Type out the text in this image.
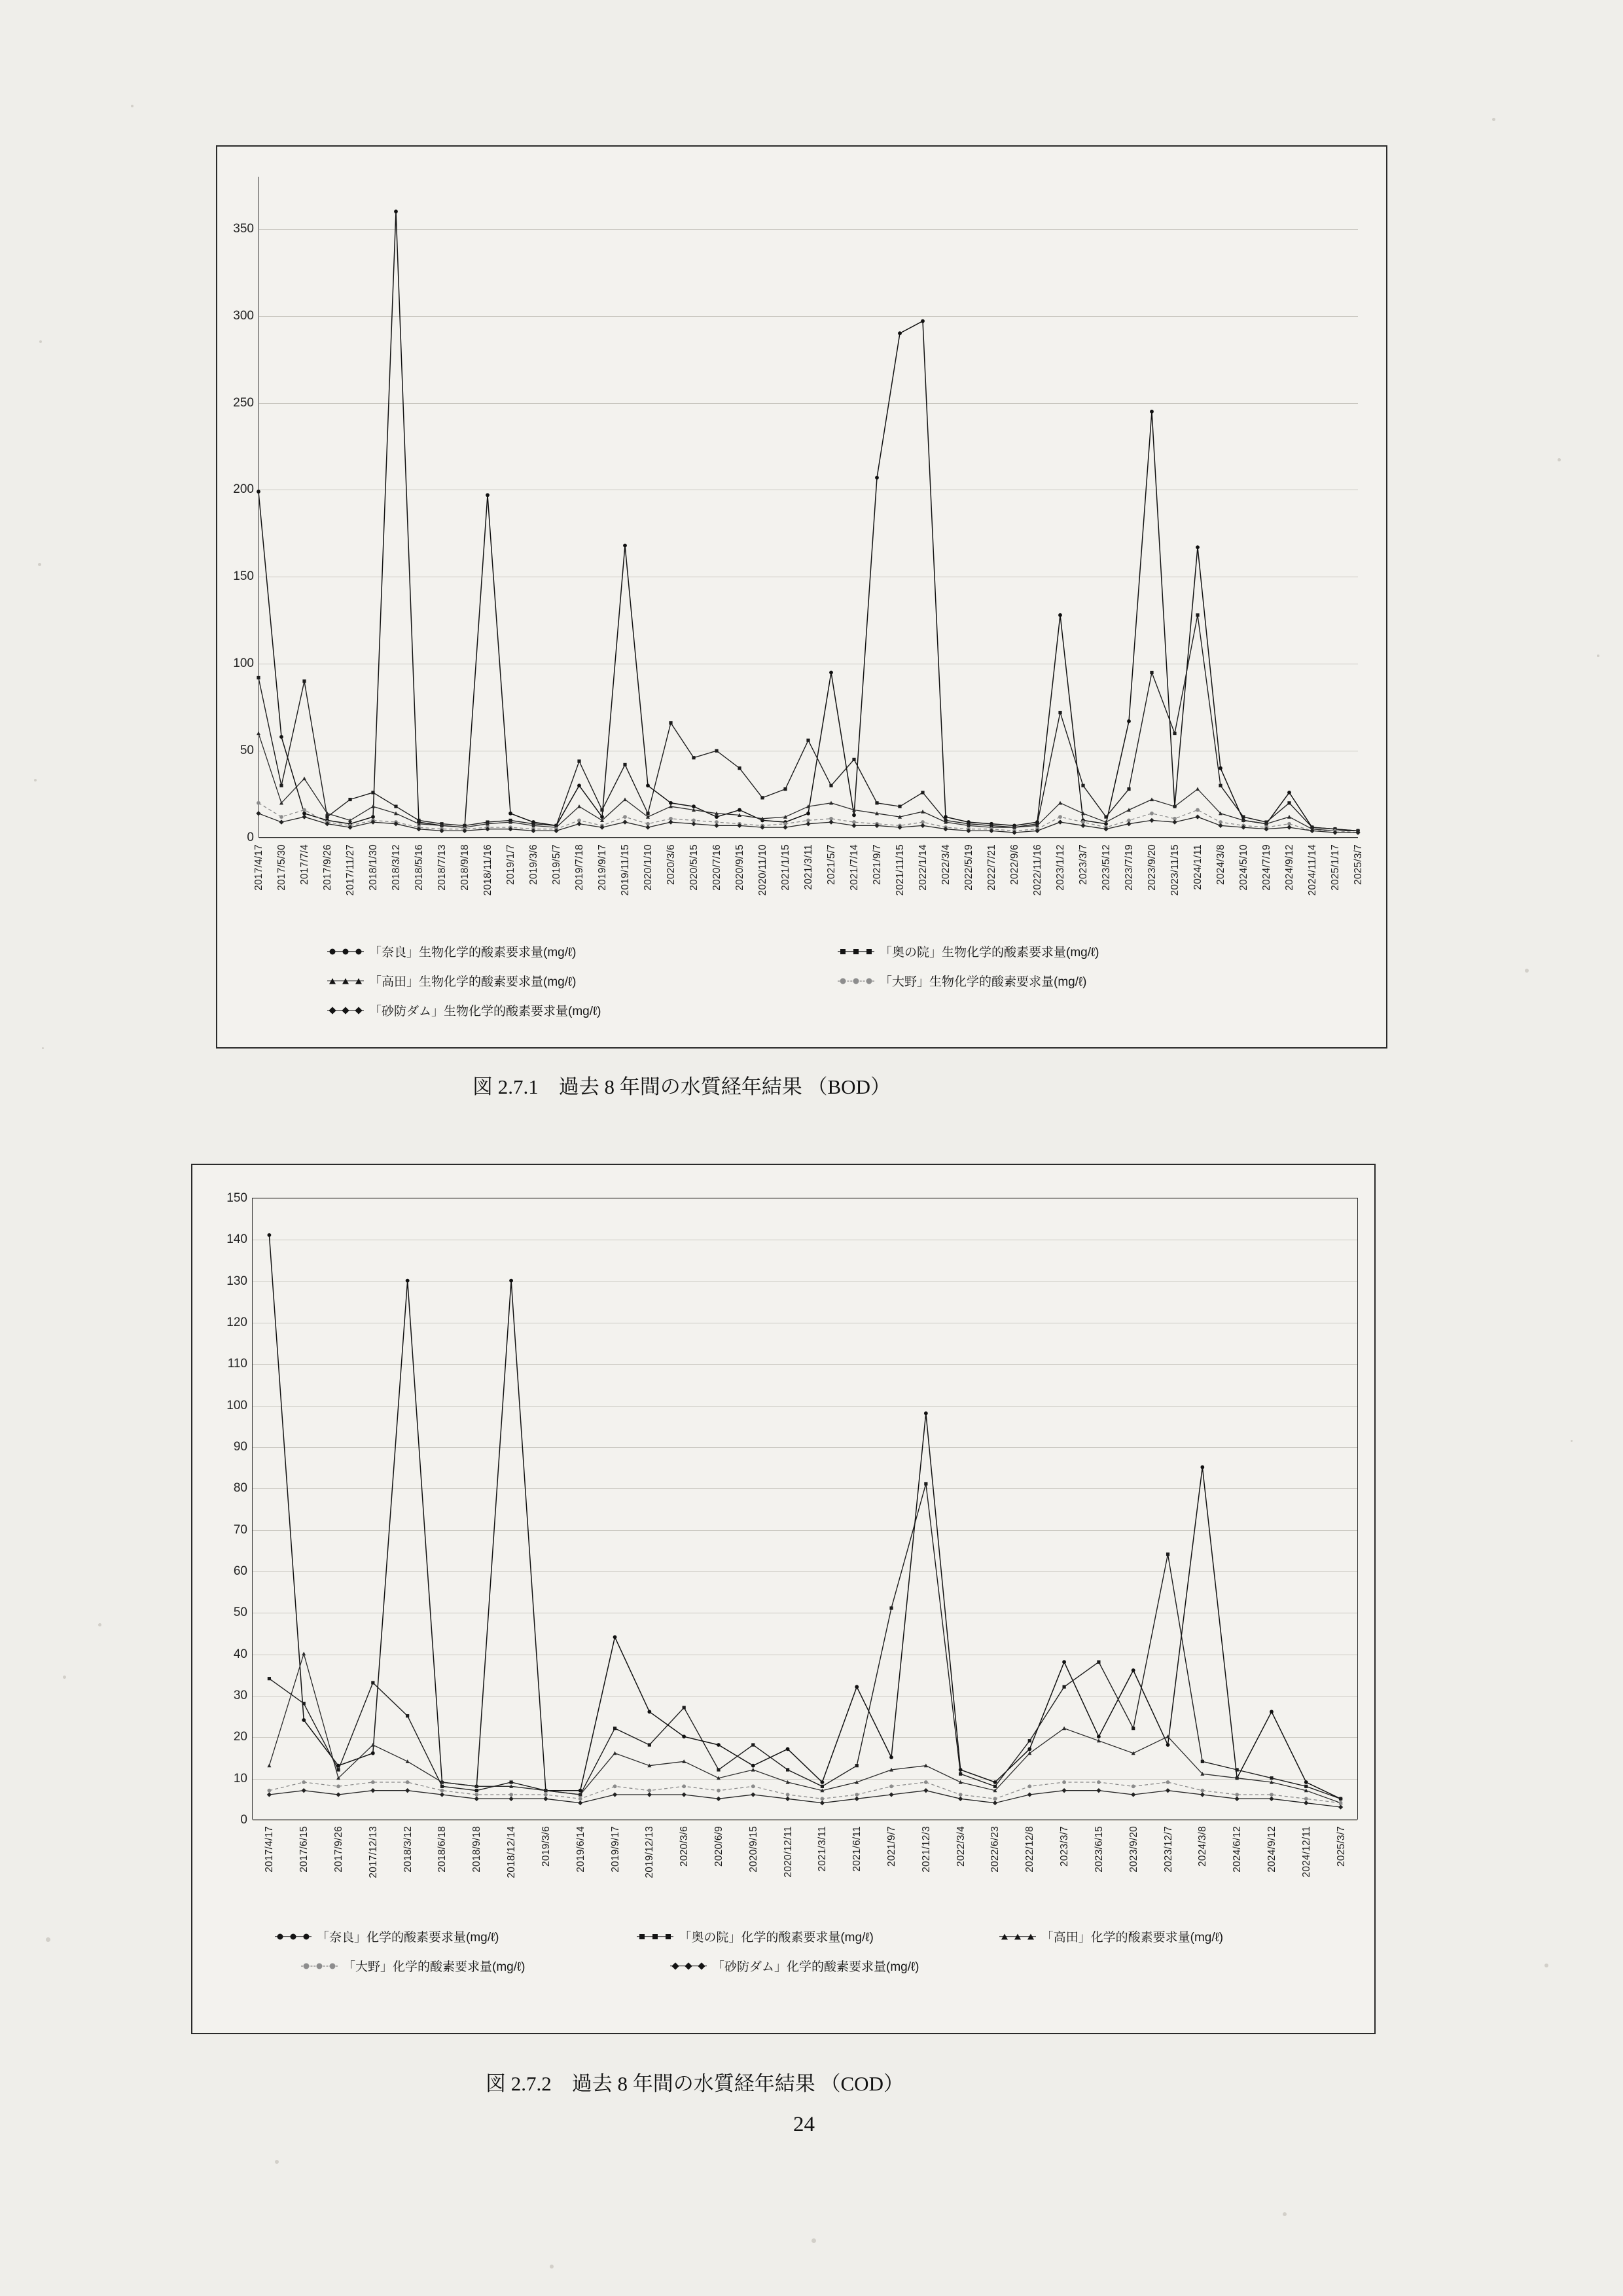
0
50
100
150
200
250
300
350
2017/4/17 2017/5/30 2017/7/4 2017/9/26 2017/11/27 2018/1/30 2018/3/12 2018/5/16 2018/7/13 2018/9/18 2018/11/16 2019/1/7 2019/3/6 2019/5/7 2019/7/18 2019/9/17 2019/11/15 2020/1/10 2020/3/6 2020/5/15 2020/7/16 2020/9/15 2020/11/10 2021/1/15 2021/3/11 2021/5/7 2021/7/14 2021/9/7 2021/11/15 2022/1/14 2022/3/4 2022/5/19 2022/7/21 2022/9/6 2022/11/16 2023/1/12 2023/3/7 2023/5/12 2023/7/19 2023/9/20 2023/11/15 2024/1/11 2024/3/8 2024/5/10 2024/7/19 2024/9/12 2024/11/14 2025/1/17 2025/3/7
「奈良」生物化学的酸素要求量(mg/ℓ)	「奥の院」生物化学的酸素要求量(mg/ℓ)
「高田」生物化学的酸素要求量(mg/ℓ)	「大野」生物化学的酸素要求量(mg/ℓ)
「砂防ダム」生物化学的酸素要求量(mg/ℓ)
図 2.7.1　過去 8 年間の水質経年結果 （BOD）
0
10
20
30
40
50
60
70
80
90
100
110
120
130
140
150
2017/4/17 2017/6/15 2017/9/26 2017/12/13 2018/3/12 2018/6/18 2018/9/18 2018/12/14 2019/3/6 2019/6/14 2019/9/17 2019/12/13 2020/3/6 2020/6/9 2020/9/15 2020/12/11 2021/3/11 2021/6/11 2021/9/7 2021/12/3 2022/3/4 2022/6/23 2022/12/8 2023/3/7 2023/6/15 2023/9/20 2023/12/7 2024/3/8 2024/6/12 2024/9/12 2024/12/11 2025/3/7
「奈良」化学的酸素要求量(mg/ℓ)	「奥の院」化学的酸素要求量(mg/ℓ)	「高田」化学的酸素要求量(mg/ℓ)
「大野」化学的酸素要求量(mg/ℓ)	「砂防ダム」化学的酸素要求量(mg/ℓ)
図 2.7.2　過去 8 年間の水質経年結果 （COD）
24
